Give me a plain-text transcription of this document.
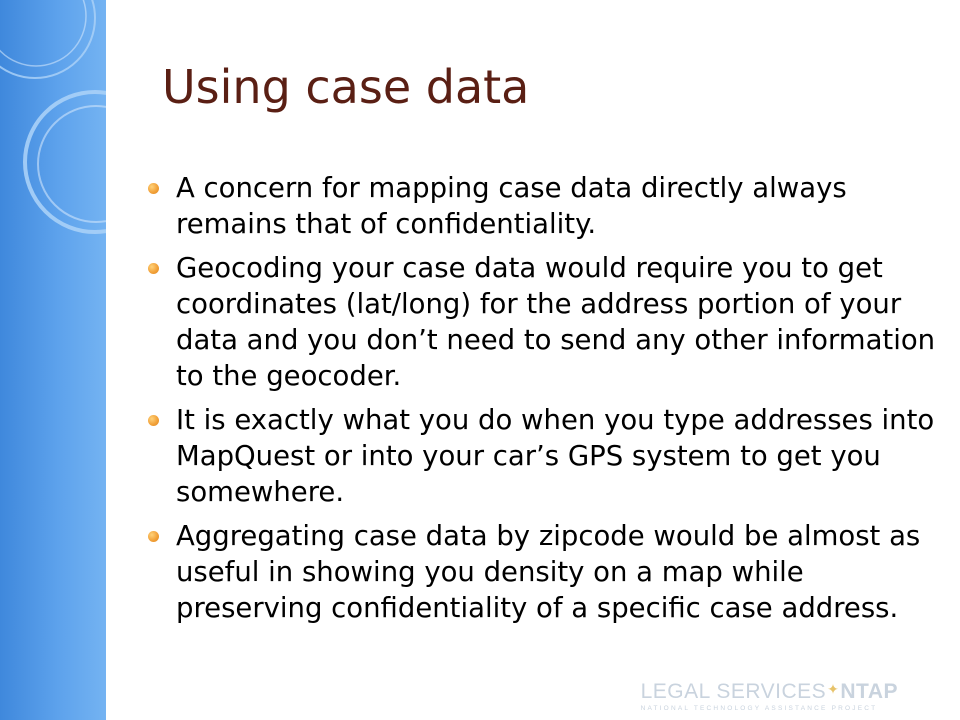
Using case data
A concern for mapping case data directly always remains that of confidentiality.
Geocoding your case data would require you to get coordinates (lat/long) for the address portion of your data and you don’t need to send any other information to the geocoder.
It is exactly what you do when you type addresses into MapQuest or into your car’s GPS system to get you somewhere.
Aggregating case data by zipcode would be almost as useful in showing you density on a map while preserving confidentiality of a specific case address.
LEGAL SERVICES✦NTAP
NATIONAL TECHNOLOGY ASSISTANCE PROJECT
